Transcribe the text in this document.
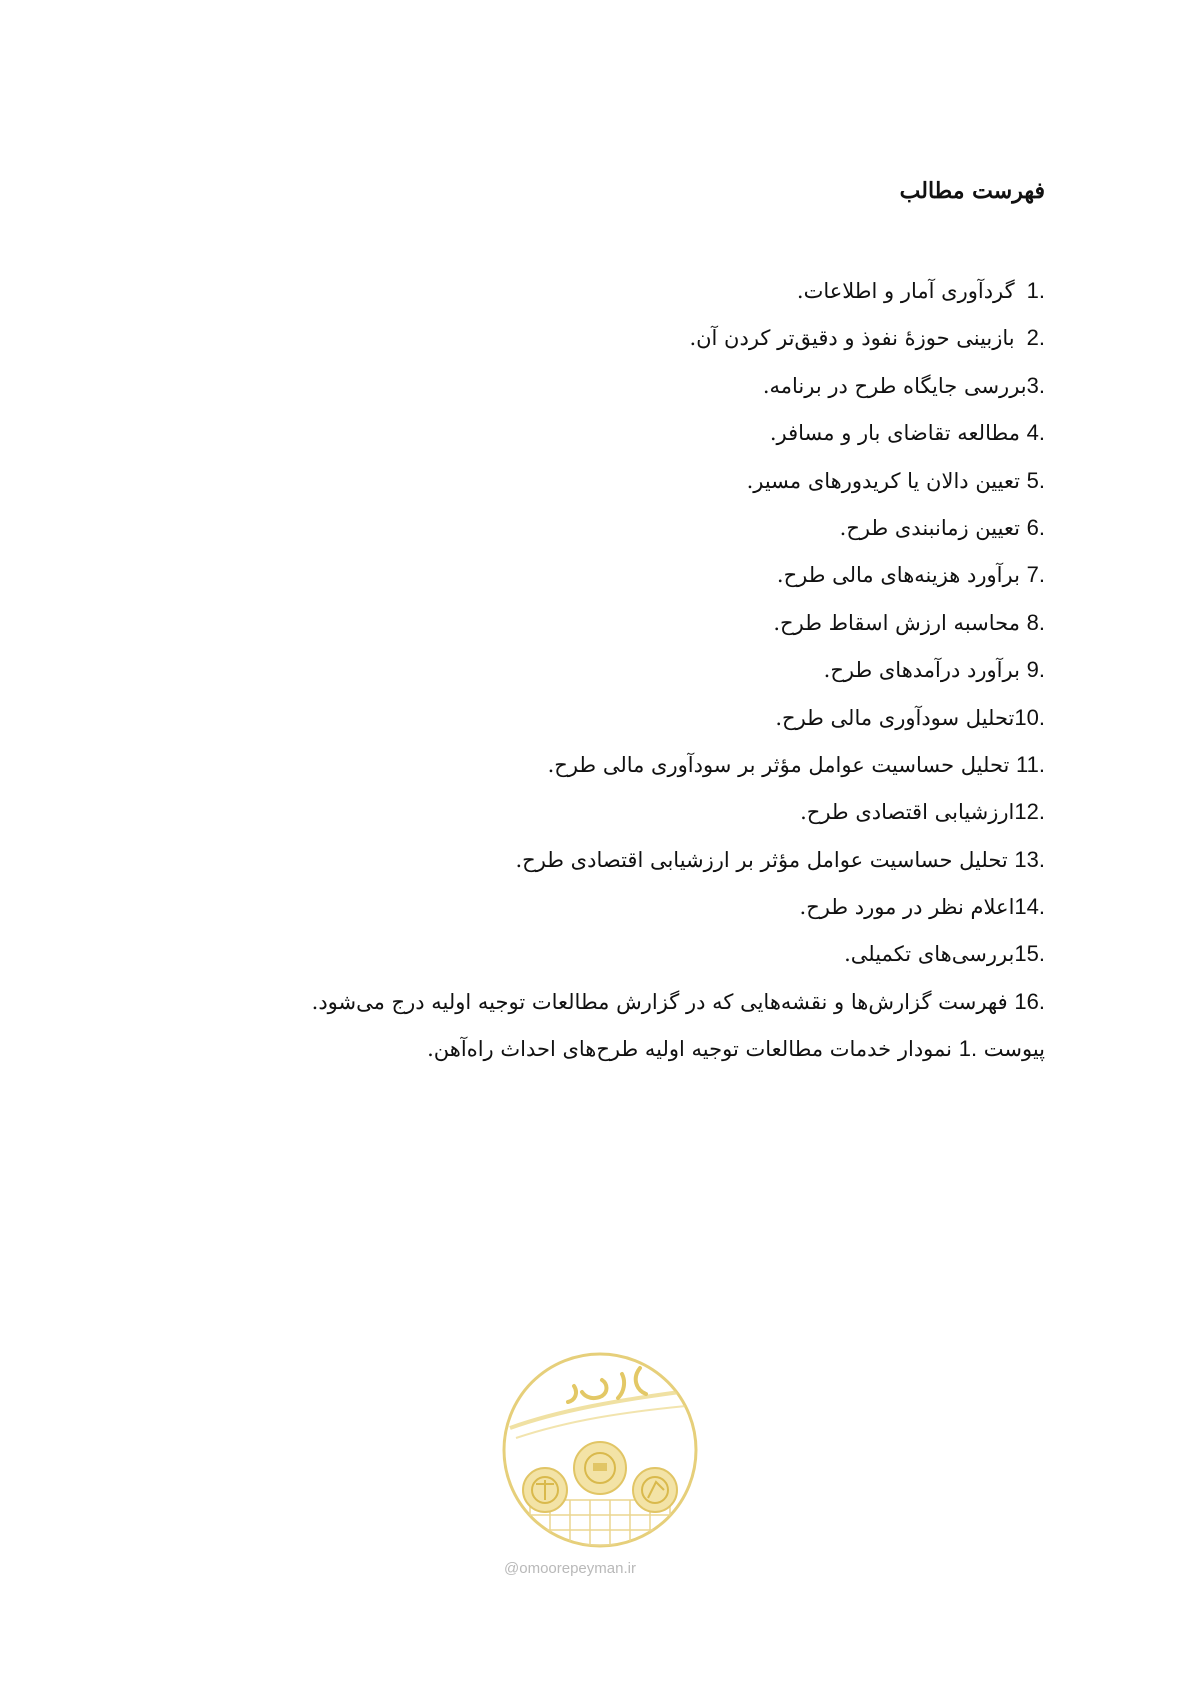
فهرست مطالب
1.گردآوری آمار و اطلاعات.
2.بازبینی حوزۀ نفوذ و دقیق‌تر کردن آن.
3.بررسی جایگاه طرح در برنامه.
4. مطالعه تقاضای بار و مسافر.
5. تعیین دالان یا کریدورهای مسیر.
6. تعیین زمانبندی طرح.
7. برآورد هزینه‌های مالی طرح.
8. محاسبه ارزش اسقاط طرح.
9. برآورد درآمدهای طرح.
10.تحلیل سودآوری مالی طرح.
11. تحلیل حساسیت عوامل مؤثر بر سودآوری مالی طرح.
12.ارزشیابی اقتصادی طرح.
13. تحلیل حساسیت عوامل مؤثر بر ارزشیابی اقتصادی طرح.
14.اعلام نظر در مورد طرح.
15.بررسی‌های تکمیلی.
16. فهرست گزارش‌ها و نقشه‌هایی که در گزارش مطالعات توجیه اولیه درج می‌شود.
پیوست 1. نمودار خدمات مطالعات توجیه اولیه طرح‌های احداث راه‌آهن.
@omoorepeyman.ir
